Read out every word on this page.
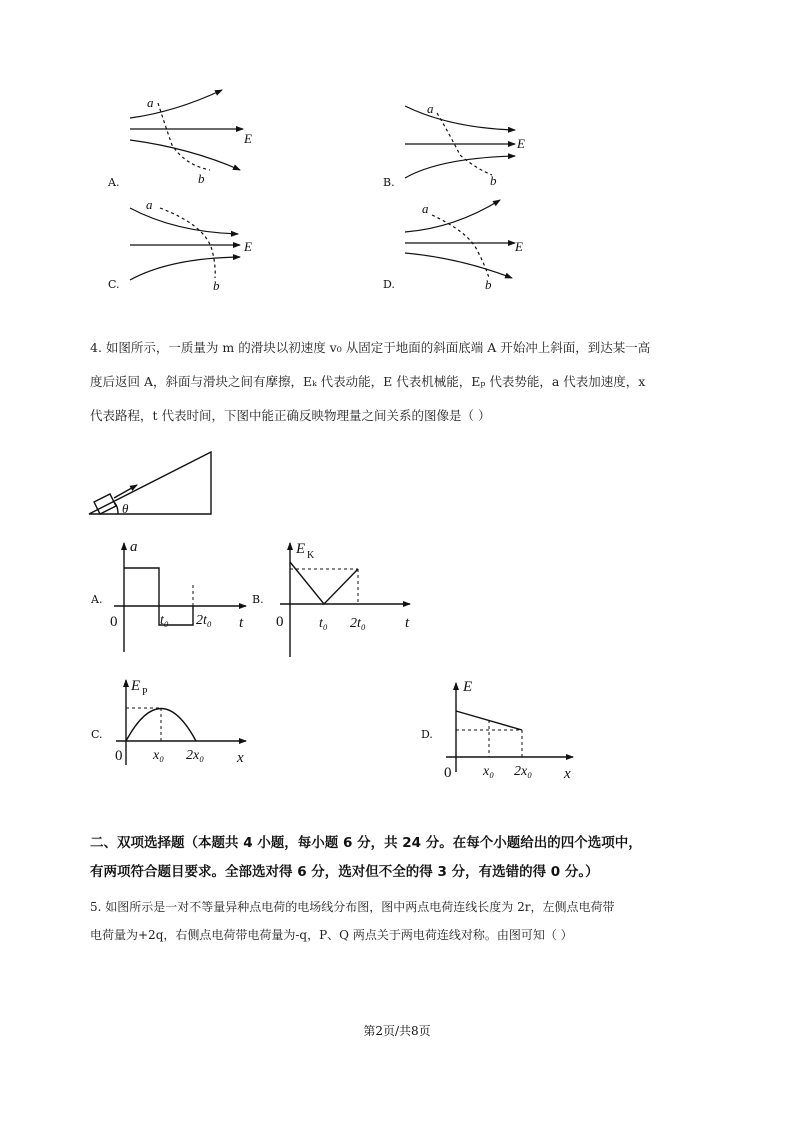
a
E
b
A.
a
E
b
B.
a
E
b
C.
a
E
b
D.
4. 如图所示，一质量为 m 的滑块以初速度 v₀ 从固定于地面的斜面底端 A 开始冲上斜面，到达某一高
度后返回 A，斜面与滑块之间有摩擦，Eₖ 代表动能，E 代表机械能，Eₚ 代表势能，a 代表加速度，x
代表路程，t 代表时间，下图中能正确反映物理量之间关系的图像是（ ）
θ
a
t
0	t₀ 2t₀
A.
E K
t
0	t₀ 2t₀
B.
E P
x
0 x₀ 2x₀
C.
E
x
0 x₀ 2x₀
D.
二、双项选择题（本题共 4 小题，每小题 6 分，共 24 分。在每个小题给出的四个选项中，
有两项符合题目要求。全部选对得 6 分，选对但不全的得 3 分，有选错的得 0 分。）
5. 如图所示是一对不等量异种点电荷的电场线分布图，图中两点电荷连线长度为 2r，左侧点电荷带
电荷量为+2q，右侧点电荷带电荷量为-q，P、Q 两点关于两电荷连线对称。由图可知（ ）
第2页/共8页
